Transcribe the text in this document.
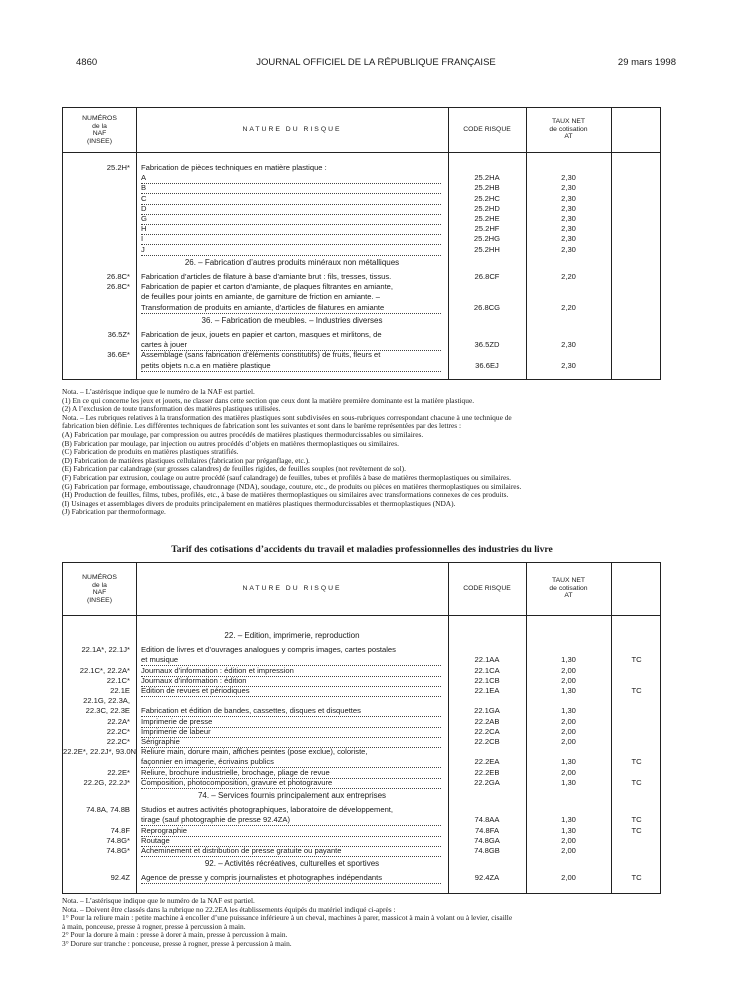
4860	JOURNAL OFFICIEL DE LA RÉPUBLIQUE FRANÇAISE	29 mars 1998
NUMÉROS
de la
NAF
(INSEE)
NATURE DU RISQUE	CODE RISQUE
TAUX NET
de cotisation
AT
25.2H* Fabrication de pièces techniques en matière plastique :
A	25.2HA	2,30
B	25.2HB	2,30
C	25.2HC	2,30
D	25.2HD	2,30
G	25.2HE	2,30
H	25.2HF	2,30
I	25.2HG	2,30
J	25.2HH	2,30
26. – Fabrication d’autres produits minéraux non métalliques
26.8C* Fabrication d’articles de filature à base d’amiante brut : fils, tresses, tissus.	26.8CF	2,20
26.8C* Fabrication de papier et carton d’amiante, de plaques filtrantes en amiante,
de feuilles pour joints en amiante, de garniture de friction en amiante. –
Transformation de produits en amiante, d’articles de filatures en amiante	26.8CG	2,20
36. – Fabrication de meubles. – Industries diverses
36.5Z* Fabrication de jeux, jouets en papier et carton, masques et mirlitons, de
cartes à jouer	36.5ZD	2,30
36.6E* Assemblage (sans fabrication d’éléments constitutifs) de fruits, fleurs et
petits objets n.c.a en matière plastique	36.6EJ	2,30
Nota. – L’astérisque indique que le numéro de la NAF est partiel.
(1) En ce qui concerne les jeux et jouets, ne classer dans cette section que ceux dont la matière première dominante est la matière plastique.
(2) A l’exclusion de toute transformation des matières plastiques utilisées.
Nota. – Les rubriques relatives à la transformation des matières plastiques sont subdivisées en sous-rubriques correspondant chacune à une technique de
fabrication bien définie. Les différentes techniques de fabrication sont les suivantes et sont dans le barème représentées par des lettres :
(A) Fabrication par moulage, par compression ou autres procédés de matières plastiques thermodurcissables ou similaires.
(B) Fabrication par moulage, par injection ou autres procédés d’objets en matières thermoplastiques ou similaires.
(C) Fabrication de produits en matières plastiques stratifiés.
(D) Fabrication de matières plastiques cellulaires (fabrication par préganflage, etc.).
(E) Fabrication par calandrage (sur grosses calandres) de feuilles rigides, de feuilles souples (not revêtement de sol).
(F) Fabrication par extrusion, coulage ou autre procédé (sauf calandrage) de feuilles, tubes et profilés à base de matières thermoplastiques ou similaires.
(G) Fabrication par formage, emboutissage, chaudronnage (NDA), soudage, couture, etc., de produits ou pièces en matières thermoplastiques ou similaires.
(H) Production de feuilles, films, tubes, profilés, etc., à base de matières thermoplastiques ou similaires avec transformations connexes de ces produits.
(I) Usinages et assemblages divers de produits principalement en matières plastiques thermodurcissables et thermoplastiques (NDA).
(J) Fabrication par thermoformage.
Tarif des cotisations d’accidents du travail et maladies professionnelles des industries du livre
NUMÉROS
de la
NAF
(INSEE)
NATURE DU RISQUE	CODE RISQUE
TAUX NET
de cotisation
AT
22. – Edition, imprimerie, reproduction
22.1A*, 22.1J* Edition de livres et d’ouvrages analogues y compris images, cartes postales
et musique	22.1AA	1,30	TC
22.1C*, 22.2A* Journaux d’information : édition et impression	22.1CA	2,00
22.1C* Journaux d’information : édition	22.1CB	2,00
22.1E Edition de revues et périodiques	22.1EA	1,30	TC
22.1G, 22.3A,
22.3C, 22.3E Fabrication et édition de bandes, cassettes, disques et disquettes	22.1GA	1,30
22.2A* Imprimerie de presse	22.2AB	2,00
22.2C* Imprimerie de labeur	22.2CA	2,00
22.2C* Sérigraphie	22.2CB	2,00
22.2E*, 22.2J*, 93.0N Reliure main, dorure main, affiches peintes (pose exclue), coloriste,
façonnier en imagerie, écrivains publics	22.2EA	1,30	TC
22.2E* Reliure, brochure industrielle, brochage, pliage de revue	22.2EB	2,00
22.2G, 22.2J* Composition, photocomposition, gravure et photogravure	22.2GA	1,30	TC
74. – Services fournis principalement aux entreprises
74.8A, 74.8B Studios et autres activités photographiques, laboratoire de développement,
tirage (sauf photographie de presse 92.4ZA)	74.8AA	1,30	TC
74.8F Reprographie	74.8FA	1,30	TC
74.8G* Routage	74.8GA	2,00
74.8G* Acheminement et distribution de presse gratuite ou payante	74.8GB	2,00
92. – Activités récréatives, culturelles et sportives
92.4Z Agence de presse y compris journalistes et photographes indépendants	92.4ZA	2,00	TC
Nota. – L’astérisque indique que le numéro de la NAF est partiel.
Nota. – Doivent être classés dans la rubrique no 22.2EA les établissements équipés du matériel indiqué ci-après :
1° Pour la reliure main : petite machine à encoller d’une puissance inférieure à un cheval, machines à parer, massicot à main à volant ou à levier, cisaille
à main, ponceuse, presse à rogner, presse à percussion à main.
2° Pour la dorure à main : presse à dorer à main, presse à percussion à main.
3° Dorure sur tranche : ponceuse, presse à rogner, presse à percussion à main.
